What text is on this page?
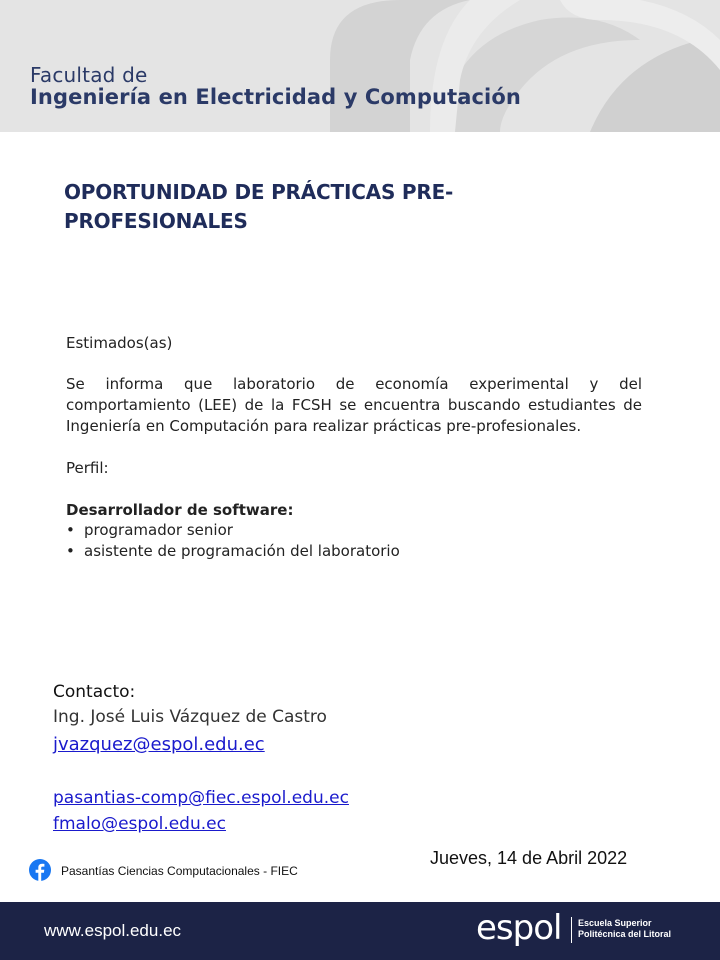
Facultad de
Ingeniería en Electricidad y Computación
OPORTUNIDAD DE PRÁCTICAS PRE-PROFESIONALES
Estimados(as)
Se informa que laboratorio de economía experimental y del comportamiento (LEE) de la FCSH se encuentra buscando estudiantes de Ingeniería en Computación para realizar prácticas pre-profesionales.
Perfil:
Desarrollador de software:
• programador senior
• asistente de programación del laboratorio
Contacto:
Ing. José Luis Vázquez de Castro
jvazquez@espol.edu.ec
pasantias-comp@fiec.espol.edu.ec
fmalo@espol.edu.ec
Pasantías Ciencias Computacionales - FIEC
Jueves, 14 de Abril 2022
www.espol.edu.ec	espol Escuela Superior
Politécnica del Litoral
